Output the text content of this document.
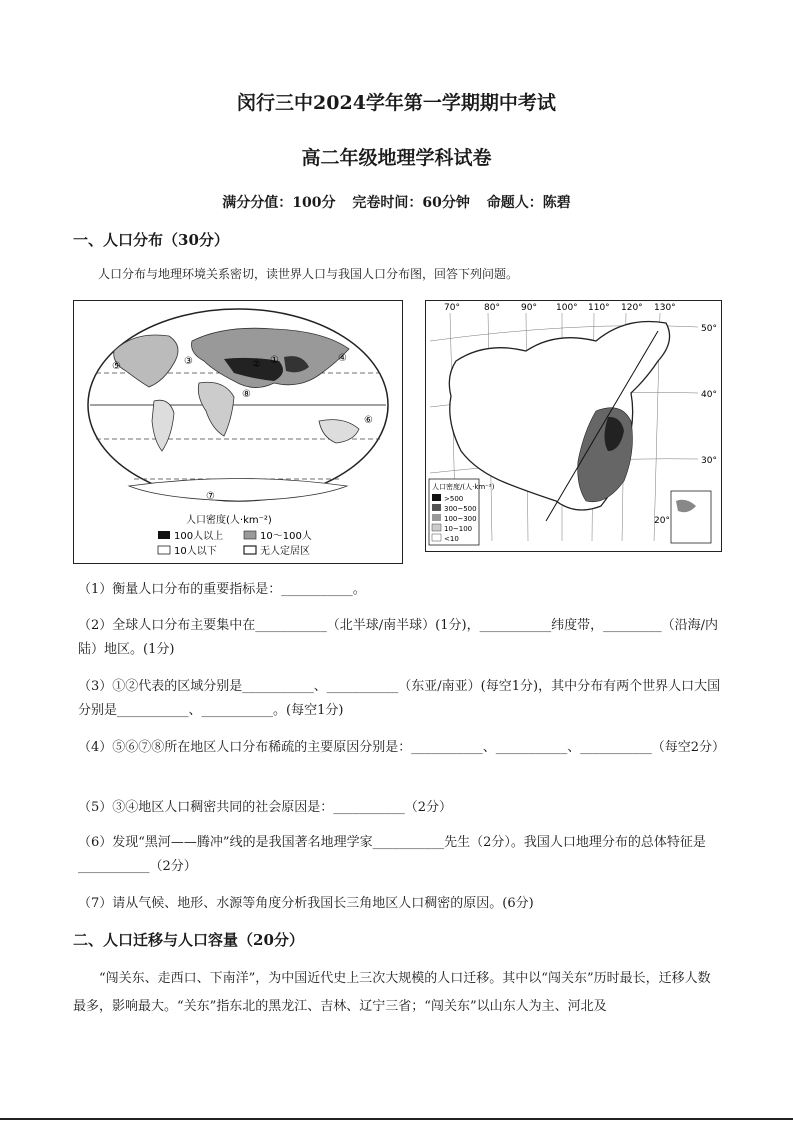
闵行三中2024学年第一学期期中考试
高二年级地理学科试卷
满分分值：100分 完卷时间：60分钟 命题人：陈碧
一、人口分布（30分）
人口分布与地理环境关系密切，读世界人口与我国人口分布图，回答下列问题。
①
②
③	④
⑤
⑥
⑦
⑧
人口密度(人·km⁻²)
100人以上	10～100人
10人以下	无人定居区
70°	80° 90° 100° 110° 120° 130°
50°
40°
30°
20°
人口密度/(人·km⁻²)
>500
300~500
100~300
10~100
<10
（1）衡量人口分布的重要指标是：___________。
（2）全球人口分布主要集中在___________（北半球/南半球）(1分)，___________纬度带，_________（沿海/内陆）地区。(1分)
（3）①②代表的区域分别是___________、___________（东亚/南亚）(每空1分)，其中分布有两个世界人口大国分别是___________、___________。(每空1分)
（4）⑤⑥⑦⑧所在地区人口分布稀疏的主要原因分别是：___________、___________、___________（每空2分）
（5）③④地区人口稠密共同的社会原因是：___________（2分）
（6）发现“黑河——腾冲”线的是我国著名地理学家___________先生（2分）。我国人口地理分布的总体特征是___________（2分）
（7）请从气候、地形、水源等角度分析我国长三角地区人口稠密的原因。(6分)
二、人口迁移与人口容量（20分）
“闯关东、走西口、下南洋”，为中国近代史上三次大规模的人口迁移。其中以“闯关东”历时最长，迁移人数最多，影响最大。“关东”指东北的黑龙江、吉林、辽宁三省；“闯关东”以山东人为主、河北及
